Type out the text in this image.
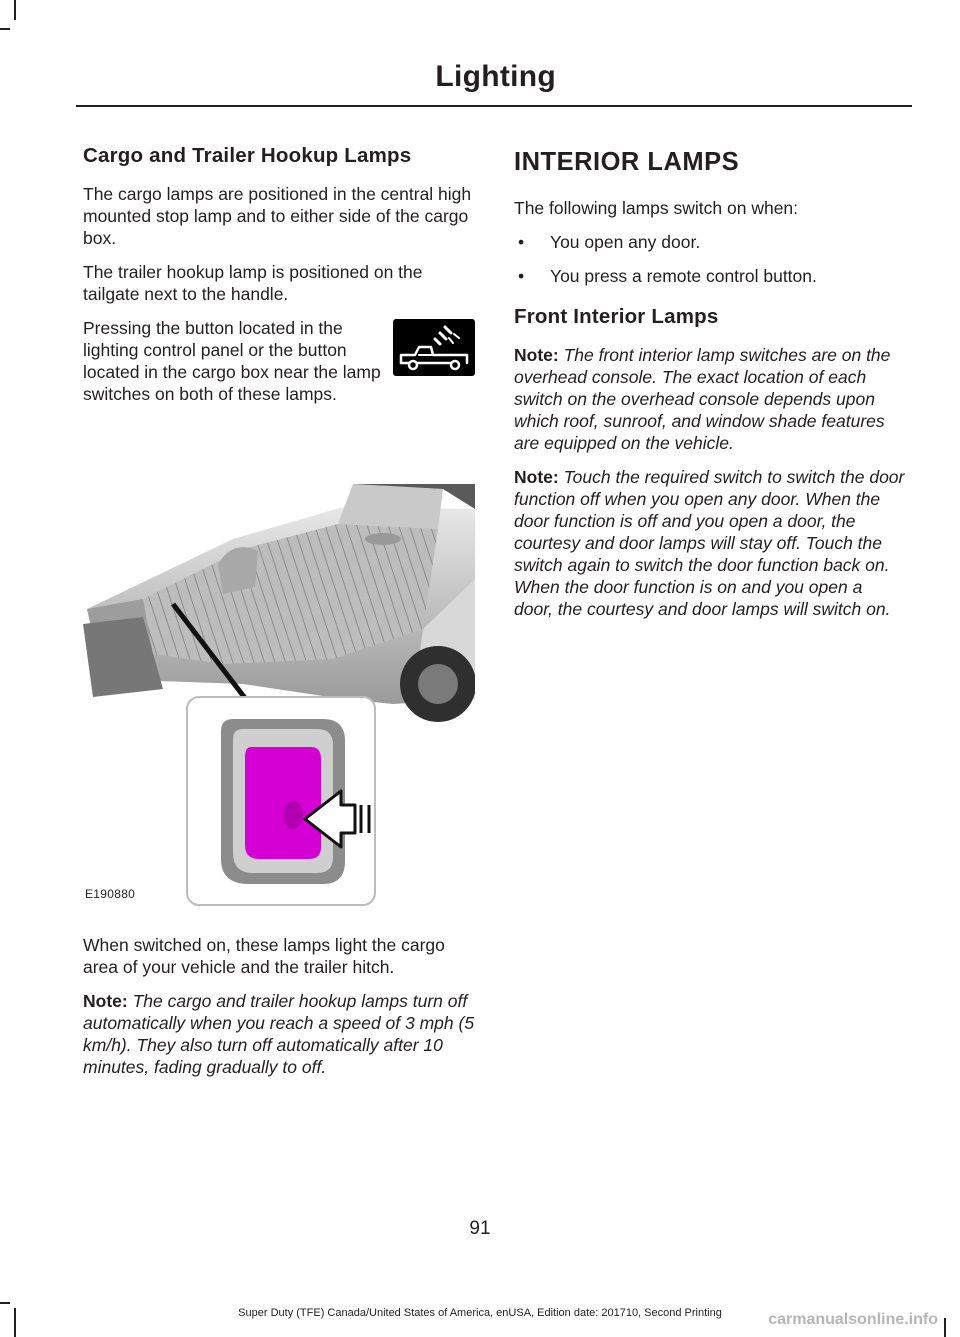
Lighting
Cargo and Trailer Hookup Lamps

The cargo lamps are positioned in the central high mounted stop lamp and to either side of the cargo box.

The trailer hookup lamp is positioned on the tailgate next to the handle.

Pressing the button located in the lighting control panel or the button located in the cargo box near the lamp switches on both of these lamps.

E190880

When switched on, these lamps light the cargo area of your vehicle and the trailer hitch.

Note: The cargo and trailer hookup lamps turn off automatically when you reach a speed of 3 mph (5 km/h). They also turn off automatically after 10 minutes, fading gradually to off.

INTERIOR LAMPS

The following lamps switch on when:

•	You open any door.
•	You press a remote control button.
Front Interior Lamps

Note: The front interior lamp switches are on the overhead console. The exact location of each switch on the overhead console depends upon which roof, sunroof, and window shade features are equipped on the vehicle.

Note: Touch the required switch to switch the door function off when you open any door. When the door function is off and you open a door, the courtesy and door lamps will stay off. Touch the switch again to switch the door function back on. When the door function is on and you open a door, the courtesy and door lamps will switch on.

91
Super Duty (TFE) Canada/United States of America, enUSA, Edition date: 201710, Second Printing	carmanualsonline.info
